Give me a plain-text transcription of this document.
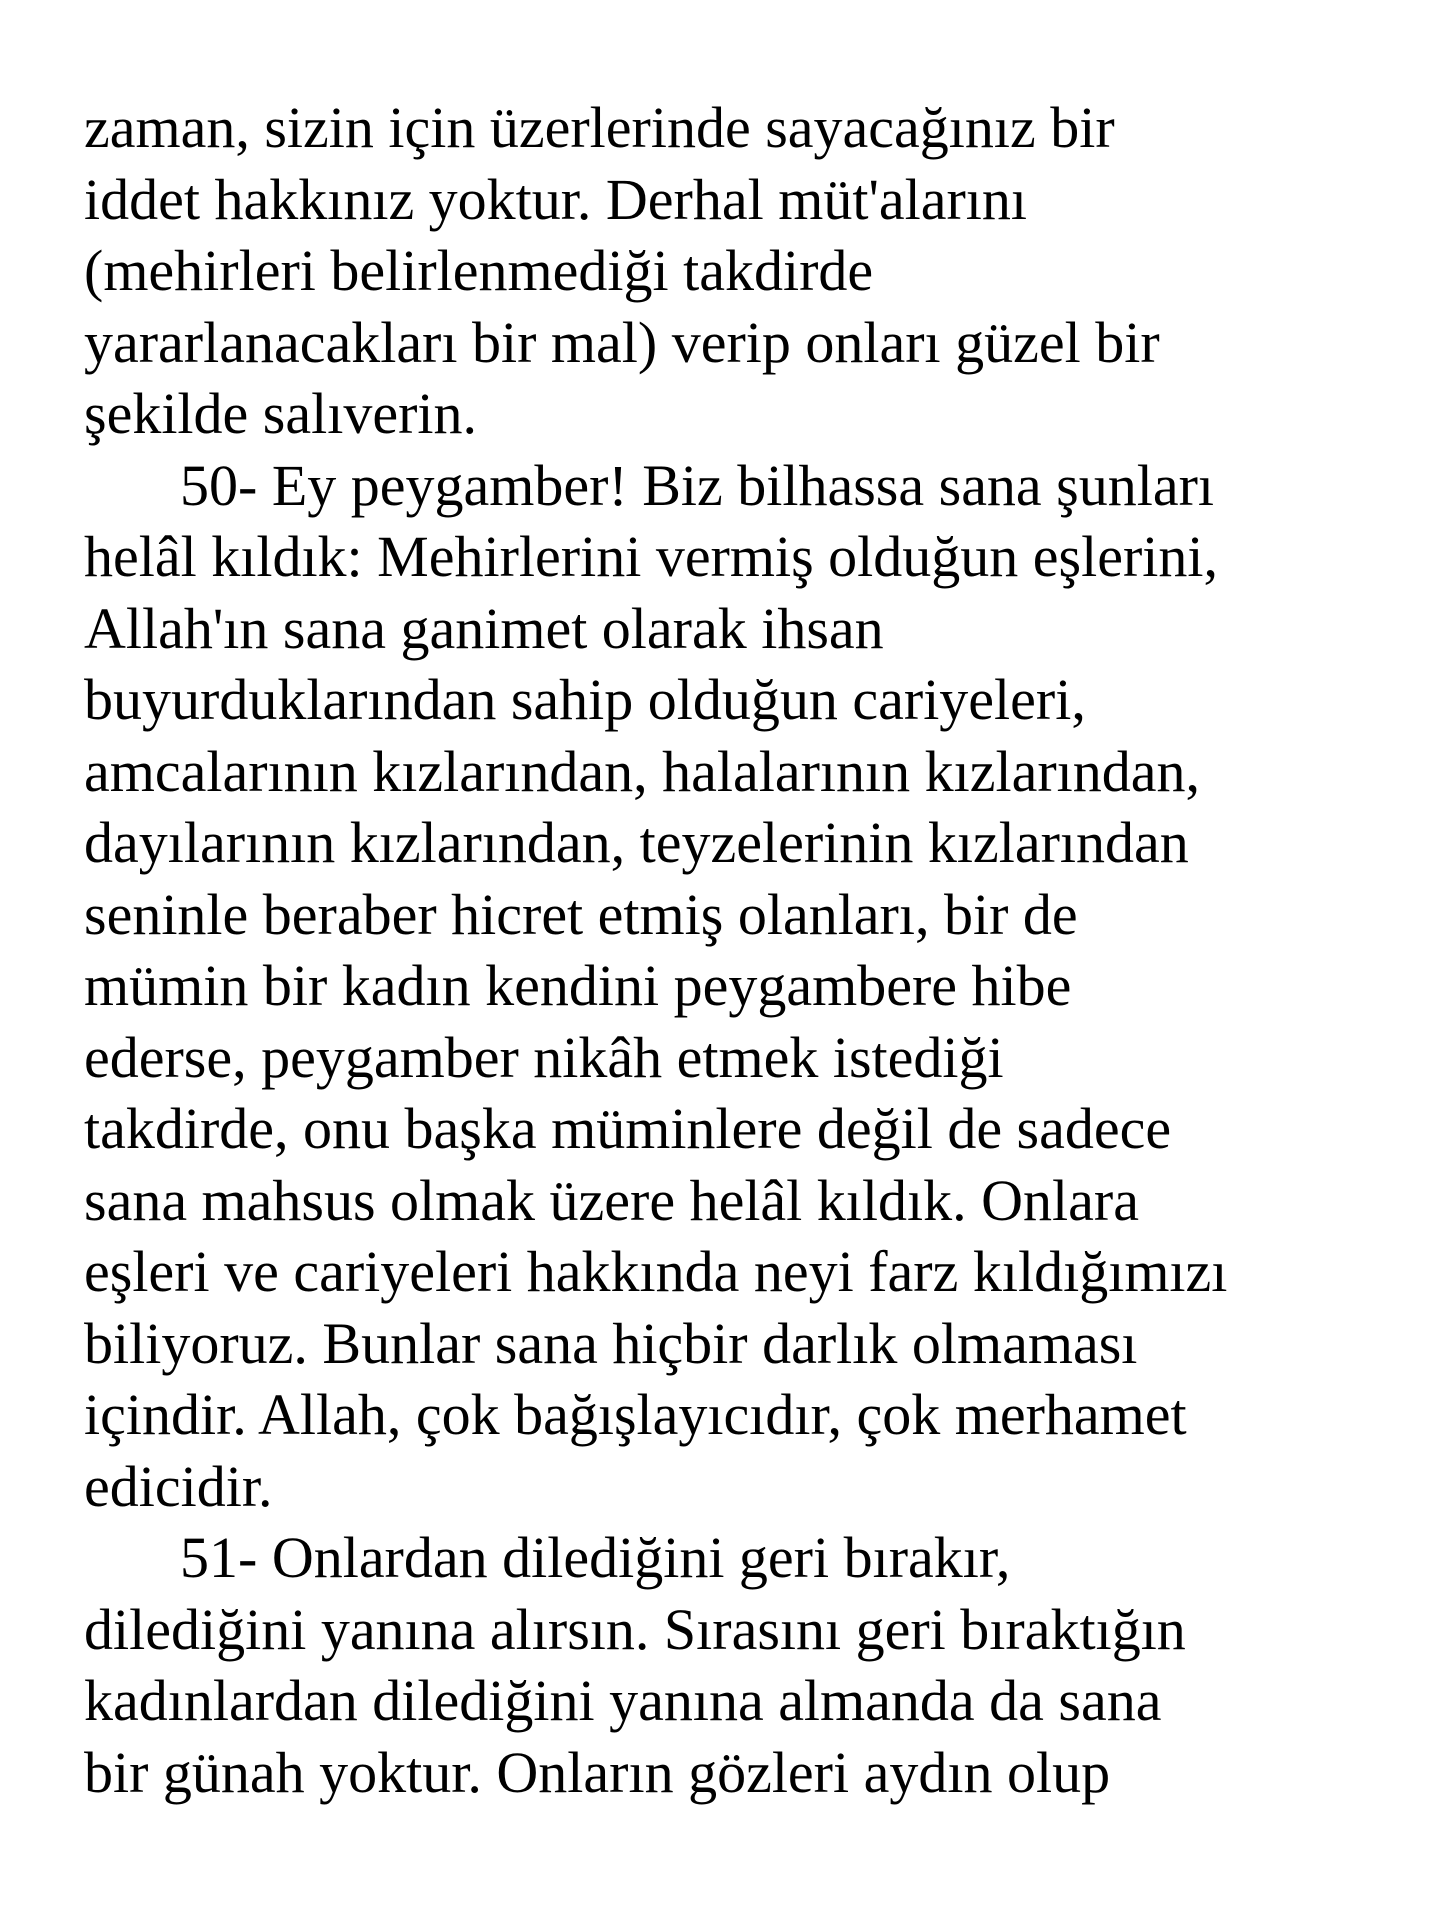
zaman, sizin için üzerlerinde sayacağınız bir
iddet hakkınız yoktur. Derhal müt'alarını
(mehirleri belirlenmediği takdirde
yararlanacakları bir mal) verip onları güzel bir
şekilde salıverin.
50- Ey peygamber! Biz bilhassa sana şunları
helâl kıldık: Mehirlerini vermiş olduğun eşlerini,
Allah'ın sana ganimet olarak ihsan
buyurduklarından sahip olduğun cariyeleri,
amcalarının kızlarından, halalarının kızlarından,
dayılarının kızlarından, teyzelerinin kızlarından
seninle beraber hicret etmiş olanları, bir de
mümin bir kadın kendini peygambere hibe
ederse, peygamber nikâh etmek istediği
takdirde, onu başka müminlere değil de sadece
sana mahsus olmak üzere helâl kıldık. Onlara
eşleri ve cariyeleri hakkında neyi farz kıldığımızı
biliyoruz. Bunlar sana hiçbir darlık olmaması
içindir. Allah, çok bağışlayıcıdır, çok merhamet
edicidir.
51- Onlardan dilediğini geri bırakır,
dilediğini yanına alırsın. Sırasını geri bıraktığın
kadınlardan dilediğini yanına almanda da sana
bir günah yoktur. Onların gözleri aydın olup
